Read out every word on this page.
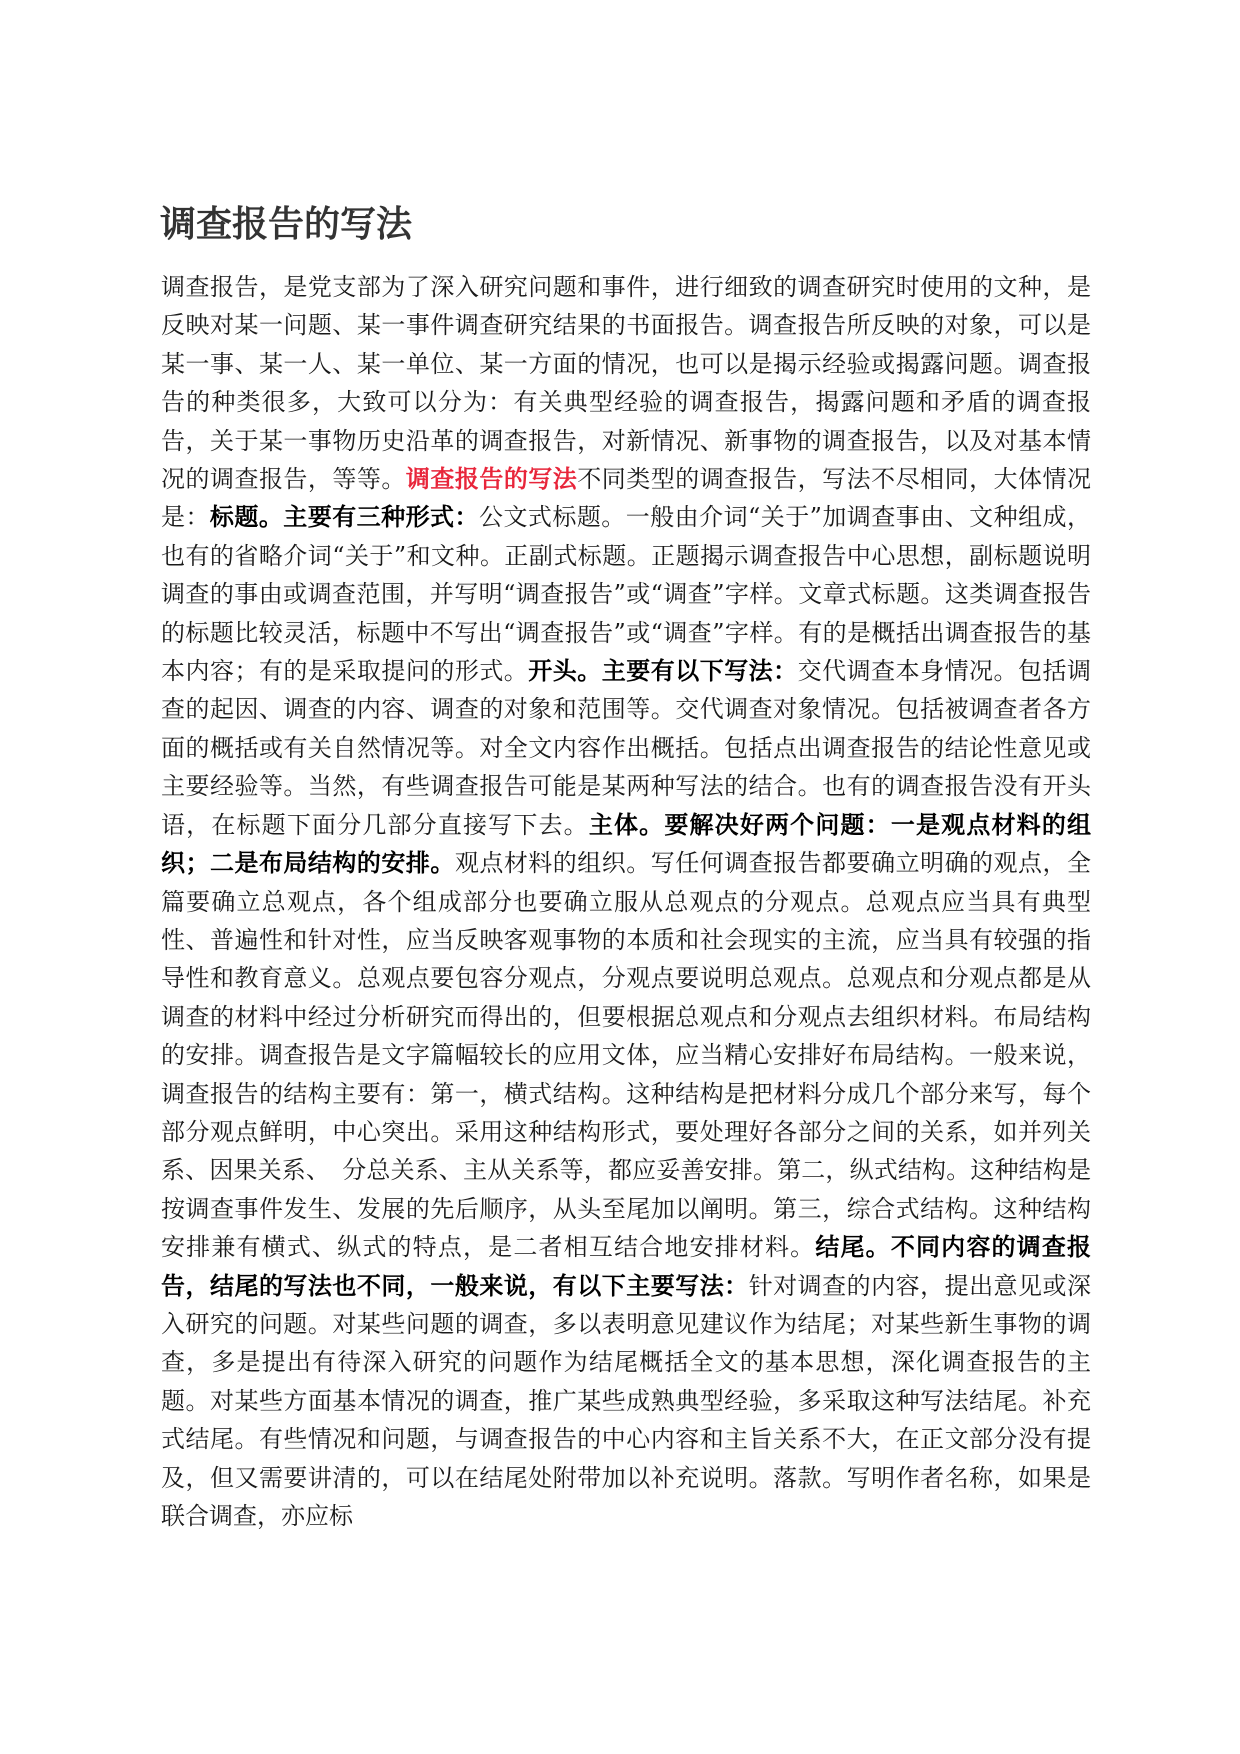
调查报告的写法

调查报告，是党支部为了深入研究问题和事件，进行细致的调查研究时使用的文种，是反映对某一问题、某一事件调查研究结果的书面报告。调查报告所反映的对象，可以是某一事、某一人、某一单位、某一方面的情况，也可以是揭示经验或揭露问题。调查报告的种类很多，大致可以分为：有关典型经验的调查报告，揭露问题和矛盾的调查报告，关于某一事物历史沿革的调查报告，对新情况、新事物的调查报告，以及对基本情况的调查报告，等等。调查报告的写法不同类型的调查报告，写法不尽相同，大体情况是：标题。主要有三种形式：公文式标题。一般由介词“关于”加调查事由、文种组成，也有的省略介词“关于”和文种。正副式标题。正题揭示调查报告中心思想，副标题说明调查的事由或调查范围，并写明“调查报告”或“调查”字样。文章式标题。这类调查报告的标题比较灵活，标题中不写出“调查报告”或“调查”字样。有的是概括出调查报告的基本内容；有的是采取提问的形式。开头。主要有以下写法：交代调查本身情况。包括调查的起因、调查的内容、调查的对象和范围等。交代调查对象情况。包括被调查者各方面的概括或有关自然情况等。对全文内容作出概括。包括点出调查报告的结论性意见或主要经验等。当然，有些调查报告可能是某两种写法的结合。也有的调查报告没有开头语，在标题下面分几部分直接写下去。主体。要解决好两个问题：一是观点材料的组织；二是布局结构的安排。观点材料的组织。写任何调查报告都要确立明确的观点，全篇要确立总观点，各个组成部分也要确立服从总观点的分观点。总观点应当具有典型性、普遍性和针对性，应当反映客观事物的本质和社会现实的主流，应当具有较强的指导性和教育意义。总观点要包容分观点，分观点要说明总观点。总观点和分观点都是从调查的材料中经过分析研究而得出的，但要根据总观点和分观点去组织材料。布局结构的安排。调查报告是文字篇幅较长的应用文体，应当精心安排好布局结构。一般来说，调查报告的结构主要有：第一，横式结构。这种结构是把材料分成几个部分来写，每个部分观点鲜明，中心突出。采用这种结构形式，要处理好各部分之间的关系，如并列关系、因果关系、　分总关系、主从关系等，都应妥善安排。第二，纵式结构。这种结构是按调查事件发生、发展的先后顺序，从头至尾加以阐明。第三，综合式结构。这种结构安排兼有横式、纵式的特点，是二者相互结合地安排材料。结尾。不同内容的调查报告，结尾的写法也不同，一般来说，有以下主要写法：针对调查的内容，提出意见或深入研究的问题。对某些问题的调查，多以表明意见建议作为结尾；对某些新生事物的调查，多是提出有待深入研究的问题作为结尾概括全文的基本思想，深化调查报告的主题。对某些方面基本情况的调查，推广某些成熟典型经验，多采取这种写法结尾。补充式结尾。有些情况和问题，与调查报告的中心内容和主旨关系不大，在正文部分没有提及，但又需要讲清的，可以在结尾处附带加以补充说明。落款。写明作者名称，如果是联合调查，亦应标
